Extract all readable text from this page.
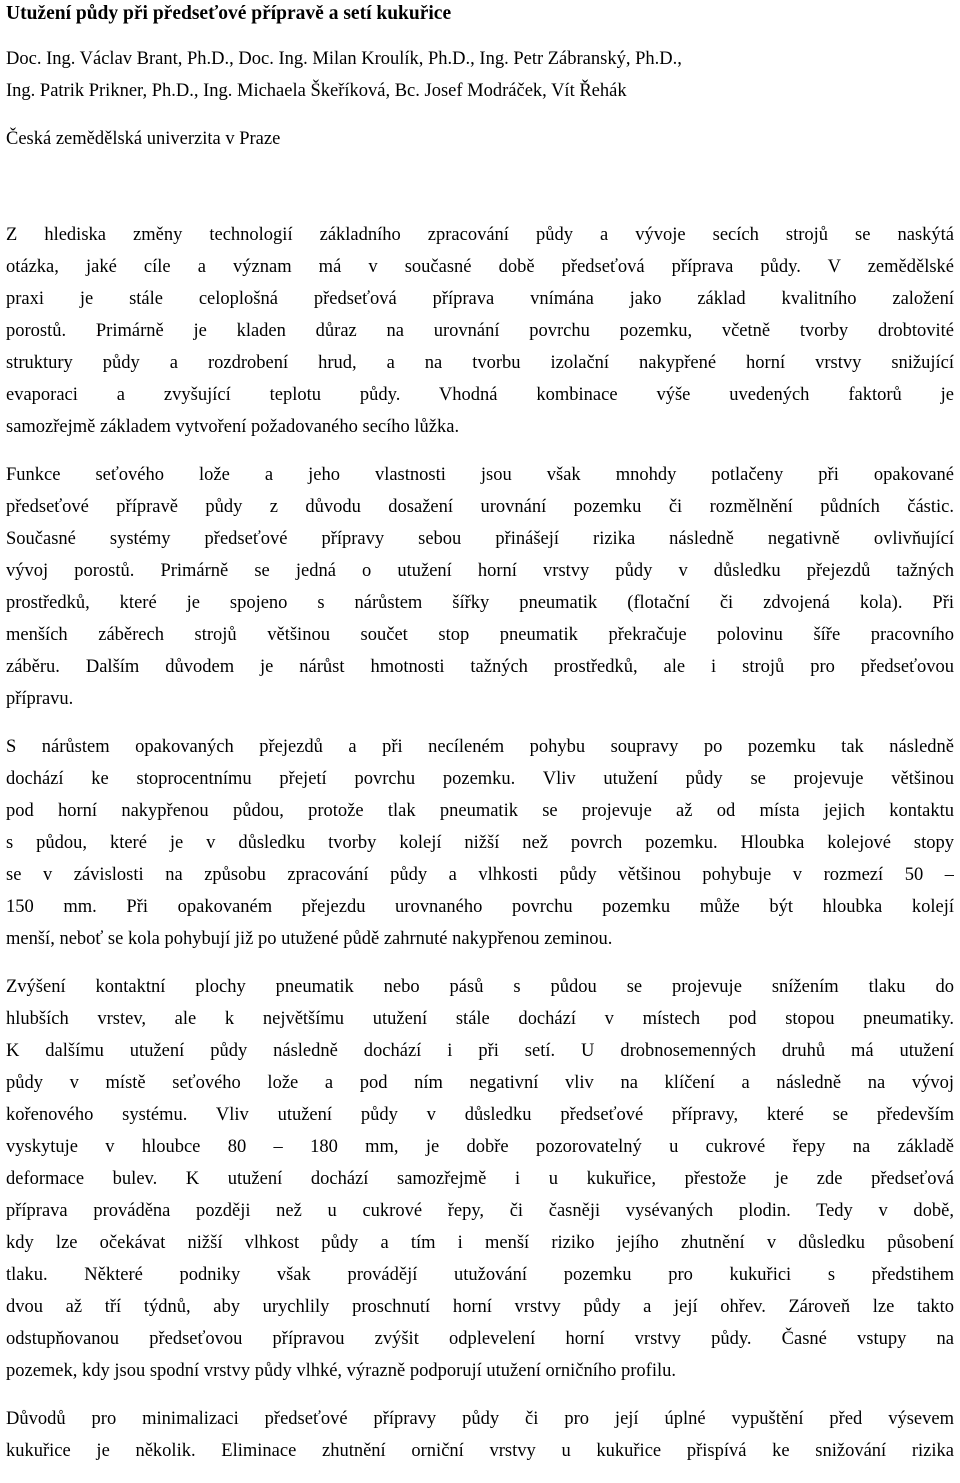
Utužení půdy při předseťové přípravě a setí kukuřice
Doc. Ing. Václav Brant, Ph.D., Doc. Ing. Milan Kroulík, Ph.D., Ing. Petr Zábranský, Ph.D.,
Ing. Patrik Prikner, Ph.D., Ing. Michaela Škeříková, Bc. Josef Modráček, Vít Řehák
Česká zemědělská univerzita v Praze
Z hlediska změny technologií základního zpracování půdy a vývoje secích strojů se naskýtá
otázka, jaké cíle a význam má v současné době předseťová příprava půdy. V zemědělské
praxi je stále celoplošná předseťová příprava vnímána jako základ kvalitního založení
porostů. Primárně je kladen důraz na urovnání povrchu pozemku, včetně tvorby drobtovité
struktury půdy a rozdrobení hrud, a na tvorbu izolační nakypřené horní vrstvy snižující
evaporaci a zvyšující teplotu půdy. Vhodná kombinace výše uvedených faktorů je
samozřejmě základem vytvoření požadovaného secího lůžka.
Funkce seťového lože a jeho vlastnosti jsou však mnohdy potlačeny při opakované
předseťové přípravě půdy z důvodu dosažení urovnání pozemku či rozmělnění půdních částic.
Současné systémy předseťové přípravy sebou přinášejí rizika následně negativně ovlivňující
vývoj porostů. Primárně se jedná o utužení horní vrstvy půdy v důsledku přejezdů tažných
prostředků, které je spojeno s nárůstem šířky pneumatik (flotační či zdvojená kola). Při
menších záběrech strojů většinou součet stop pneumatik překračuje polovinu šíře pracovního
záběru. Dalším důvodem je nárůst hmotnosti tažných prostředků, ale i strojů pro předseťovou
přípravu.
S nárůstem opakovaných přejezdů a při necíleném pohybu soupravy po pozemku tak následně
dochází ke stoprocentnímu přejetí povrchu pozemku. Vliv utužení půdy se projevuje většinou
pod horní nakypřenou půdou, protože tlak pneumatik se projevuje až od místa jejich kontaktu
s půdou, které je v důsledku tvorby kolejí nižší než povrch pozemku. Hloubka kolejové stopy
se v závislosti na způsobu zpracování půdy a vlhkosti půdy většinou pohybuje v rozmezí 50 –
150 mm. Při opakovaném přejezdu urovnaného povrchu pozemku může být hloubka kolejí
menší, neboť se kola pohybují již po utužené půdě zahrnuté nakypřenou zeminou.
Zvýšení kontaktní plochy pneumatik nebo pásů s půdou se projevuje snížením tlaku do
hlubších vrstev, ale k největšímu utužení stále dochází v místech pod stopou pneumatiky.
K dalšímu utužení půdy následně dochází i při setí. U drobnosemenných druhů má utužení
půdy v místě seťového lože a pod ním negativní vliv na klíčení a následně na vývoj
kořenového systému. Vliv utužení půdy v důsledku předseťové přípravy, které se především
vyskytuje v hloubce 80 – 180 mm, je dobře pozorovatelný u cukrové řepy na základě
deformace bulev. K utužení dochází samozřejmě i u kukuřice, přestože je zde předseťová
příprava prováděna později než u cukrové řepy, či časněji vysévaných plodin. Tedy v době,
kdy lze očekávat nižší vlhkost půdy a tím i menší riziko jejího zhutnění v důsledku působení
tlaku. Některé podniky však provádějí utužování pozemku pro kukuřici s předstihem
dvou až tří týdnů, aby urychlily proschnutí horní vrstvy půdy a její ohřev. Zároveň lze takto
odstupňovanou předseťovou přípravou zvýšit odplevelení horní vrstvy půdy. Časné vstupy na
pozemek, kdy jsou spodní vrstvy půdy vlhké, výrazně podporují utužení orničního profilu.
Důvodů pro minimalizaci předseťové přípravy půdy či pro její úplné vypuštění před výsevem
kukuřice je několik. Eliminace zhutnění orniční vrstvy u kukuřice přispívá ke snižování rizika
